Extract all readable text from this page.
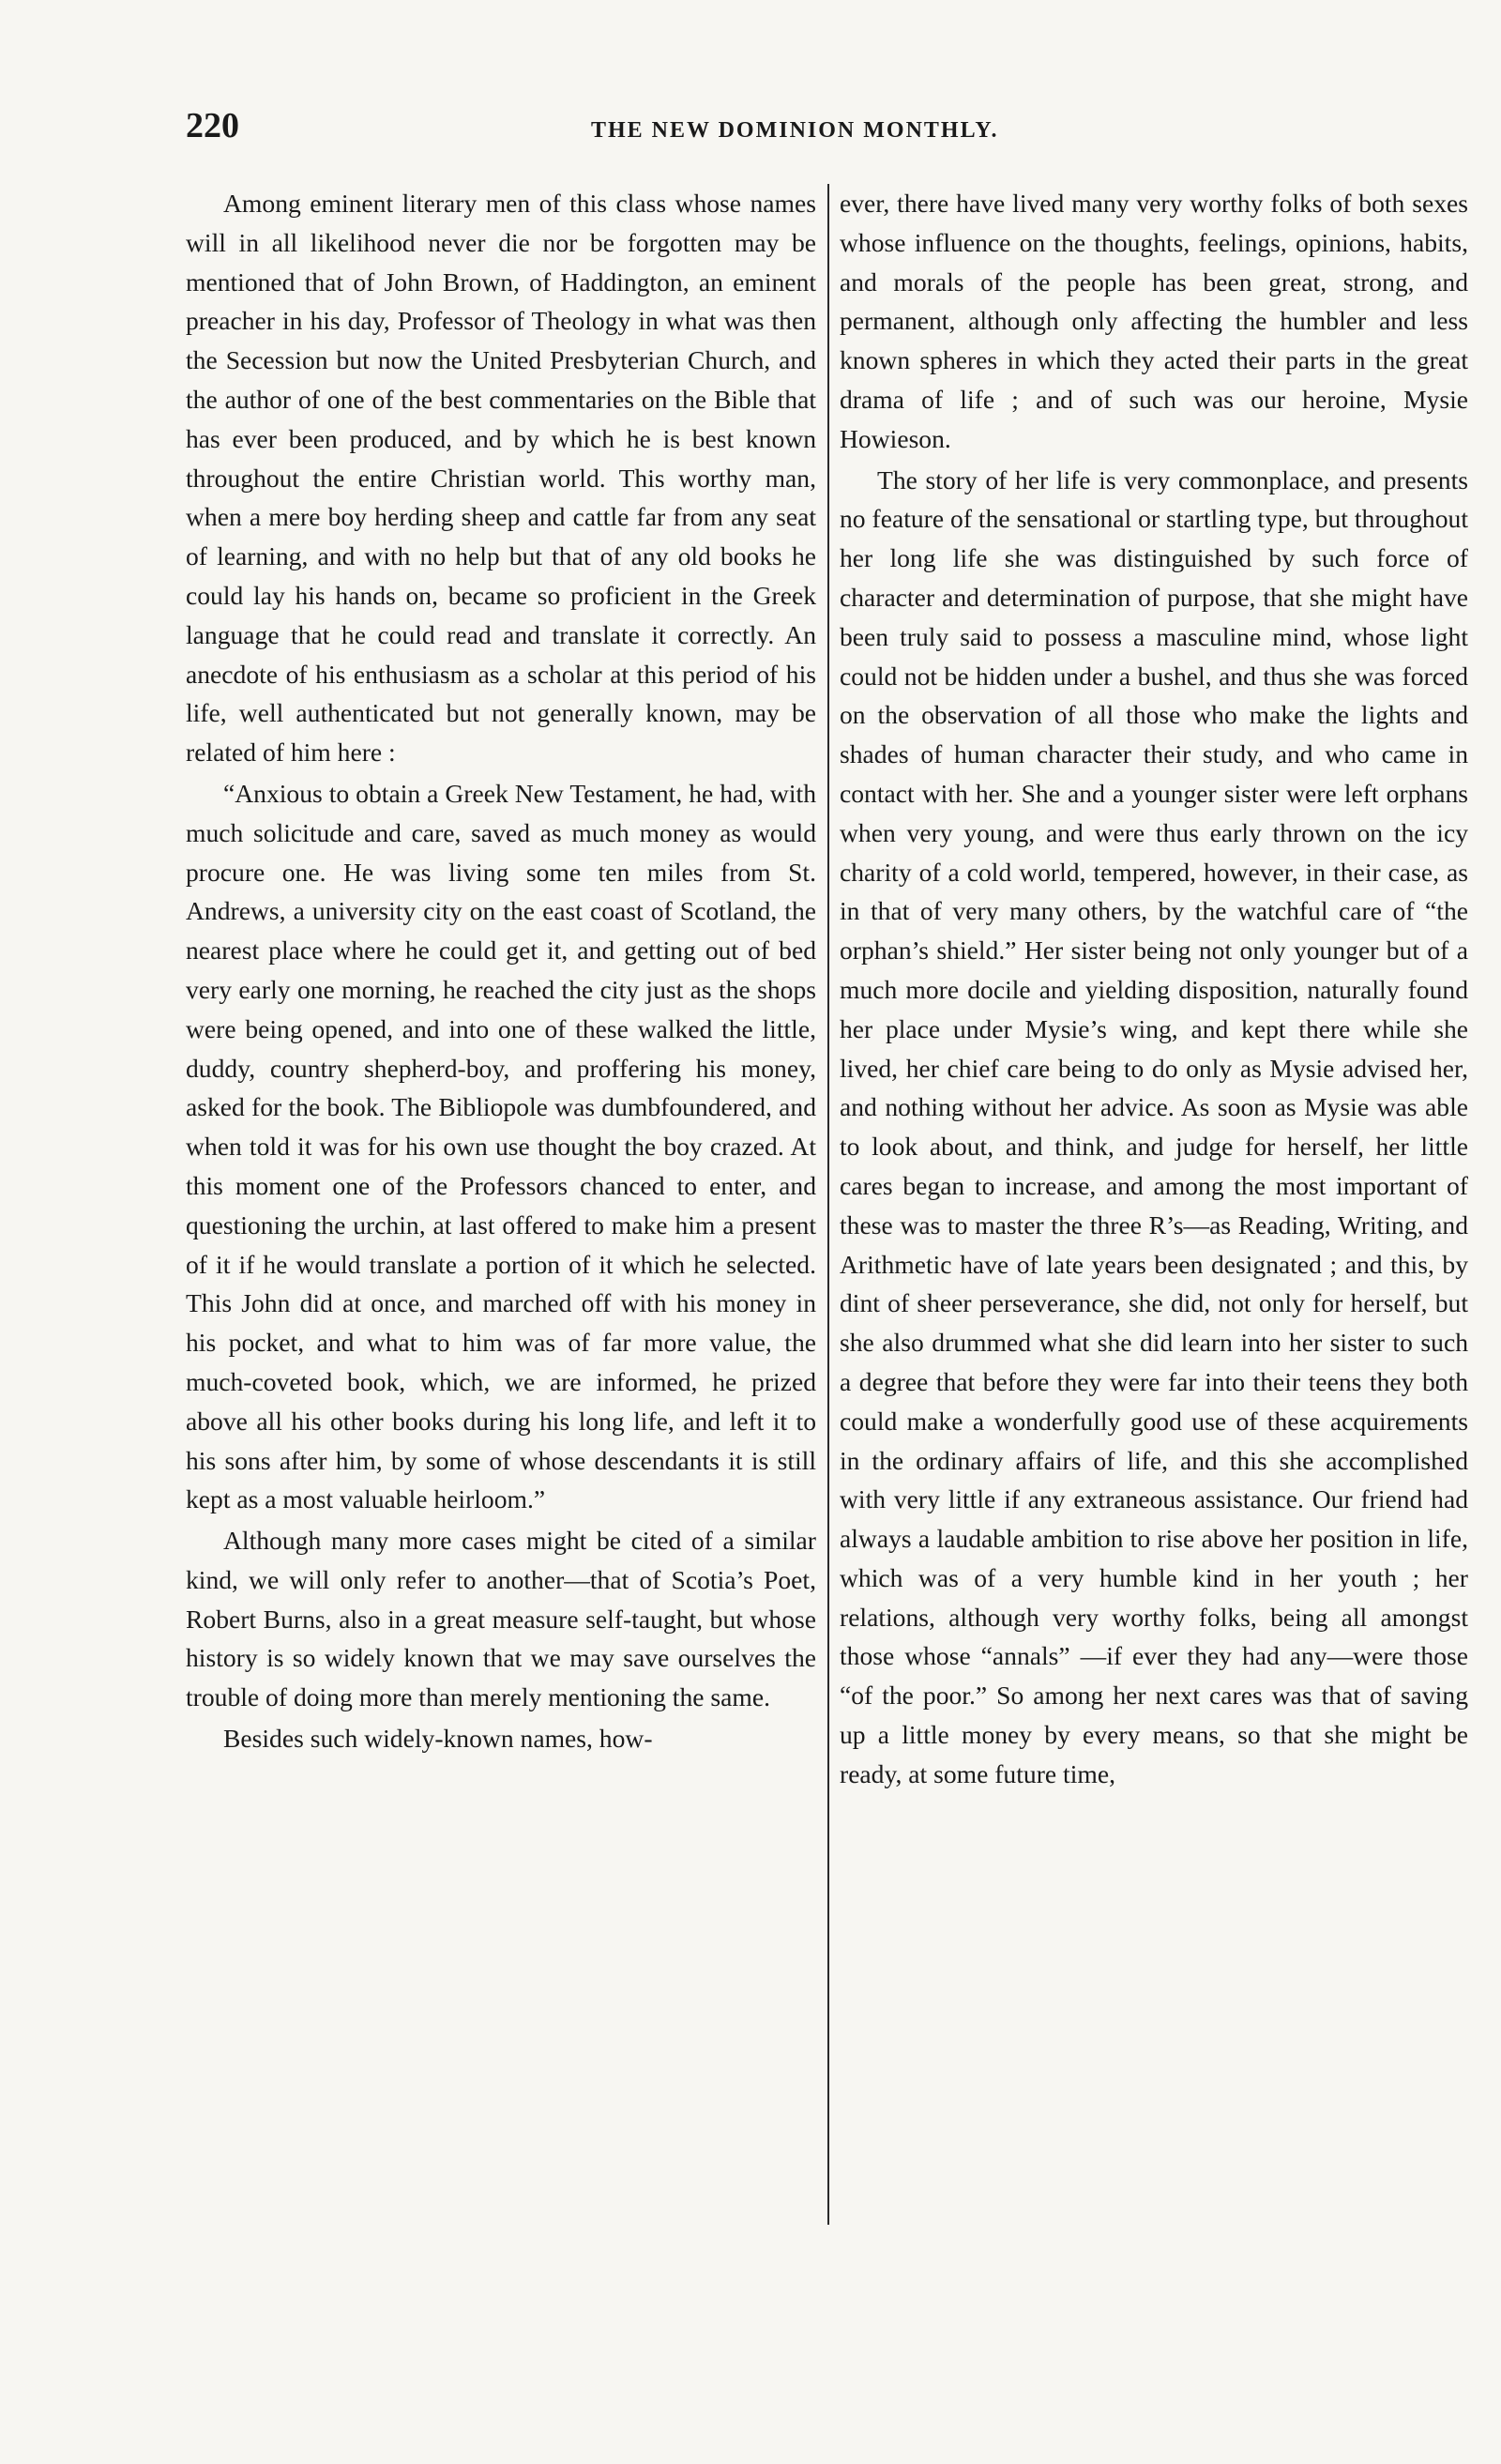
220	THE NEW DOMINION MONTHLY.

Among eminent literary men of this class whose names will in all likelihood never die nor be forgotten may be mentioned that of John Brown, of Haddington, an eminent preacher in his day, Professor of Theology in what was then the Secession but now the United Presbyterian Church, and the author of one of the best commentaries on the Bible that has ever been produced, and by which he is best known throughout the entire Christian world. This worthy man, when a mere boy herding sheep and cattle far from any seat of learning, and with no help but that of any old books he could lay his hands on, became so proficient in the Greek language that he could read and translate it correctly. An anecdote of his enthusiasm as a scholar at this period of his life, well authenticated but not generally known, may be related of him here :

“Anxious to obtain a Greek New Testament, he had, with much solicitude and care, saved as much money as would procure one. He was living some ten miles from St. Andrews, a university city on the east coast of Scotland, the nearest place where he could get it, and getting out of bed very early one morning, he reached the city just as the shops were being opened, and into one of these walked the little, duddy, country shepherd-boy, and proffering his money, asked for the book. The Bibliopole was dumbfoundered, and when told it was for his own use thought the boy crazed. At this moment one of the Professors chanced to enter, and questioning the urchin, at last offered to make him a present of it if he would translate a portion of it which he selected. This John did at once, and marched off with his money in his pocket, and what to him was of far more value, the much-coveted book, which, we are informed, he prized above all his other books during his long life, and left it to his sons after him, by some of whose descendants it is still kept as a most valuable heirloom.”

Although many more cases might be cited of a similar kind, we will only refer to another—that of Scotia’s Poet, Robert Burns, also in a great measure self-taught, but whose history is so widely known that we may save ourselves the trouble of doing more than merely mentioning the same.

Besides such widely-known names, how-

ever, there have lived many very worthy folks of both sexes whose influence on the thoughts, feelings, opinions, habits, and morals of the people has been great, strong, and permanent, although only affecting the humbler and less known spheres in which they acted their parts in the great drama of life ; and of such was our heroine, Mysie Howieson.

The story of her life is very commonplace, and presents no feature of the sensational or startling type, but throughout her long life she was distinguished by such force of character and determination of purpose, that she might have been truly said to possess a masculine mind, whose light could not be hidden under a bushel, and thus she was forced on the observation of all those who make the lights and shades of human character their study, and who came in contact with her. She and a younger sister were left orphans when very young, and were thus early thrown on the icy charity of a cold world, tempered, however, in their case, as in that of very many others, by the watchful care of “the orphan’s shield.” Her sister being not only younger but of a much more docile and yielding disposition, naturally found her place under Mysie’s wing, and kept there while she lived, her chief care being to do only as Mysie advised her, and nothing without her advice. As soon as Mysie was able to look about, and think, and judge for herself, her little cares began to increase, and among the most important of these was to master the three R’s—as Reading, Writing, and Arithmetic have of late years been designated ; and this, by dint of sheer perseverance, she did, not only for herself, but she also drummed what she did learn into her sister to such a degree that before they were far into their teens they both could make a wonderfully good use of these acquirements in the ordinary affairs of life, and this she accomplished with very little if any extraneous assistance. Our friend had always a laudable ambition to rise above her position in life, which was of a very humble kind in her youth ; her relations, although very worthy folks, being all amongst those whose “annals” —if ever they had any—were those “of the poor.” So among her next cares was that of saving up a little money by every means, so that she might be ready, at some future time,
